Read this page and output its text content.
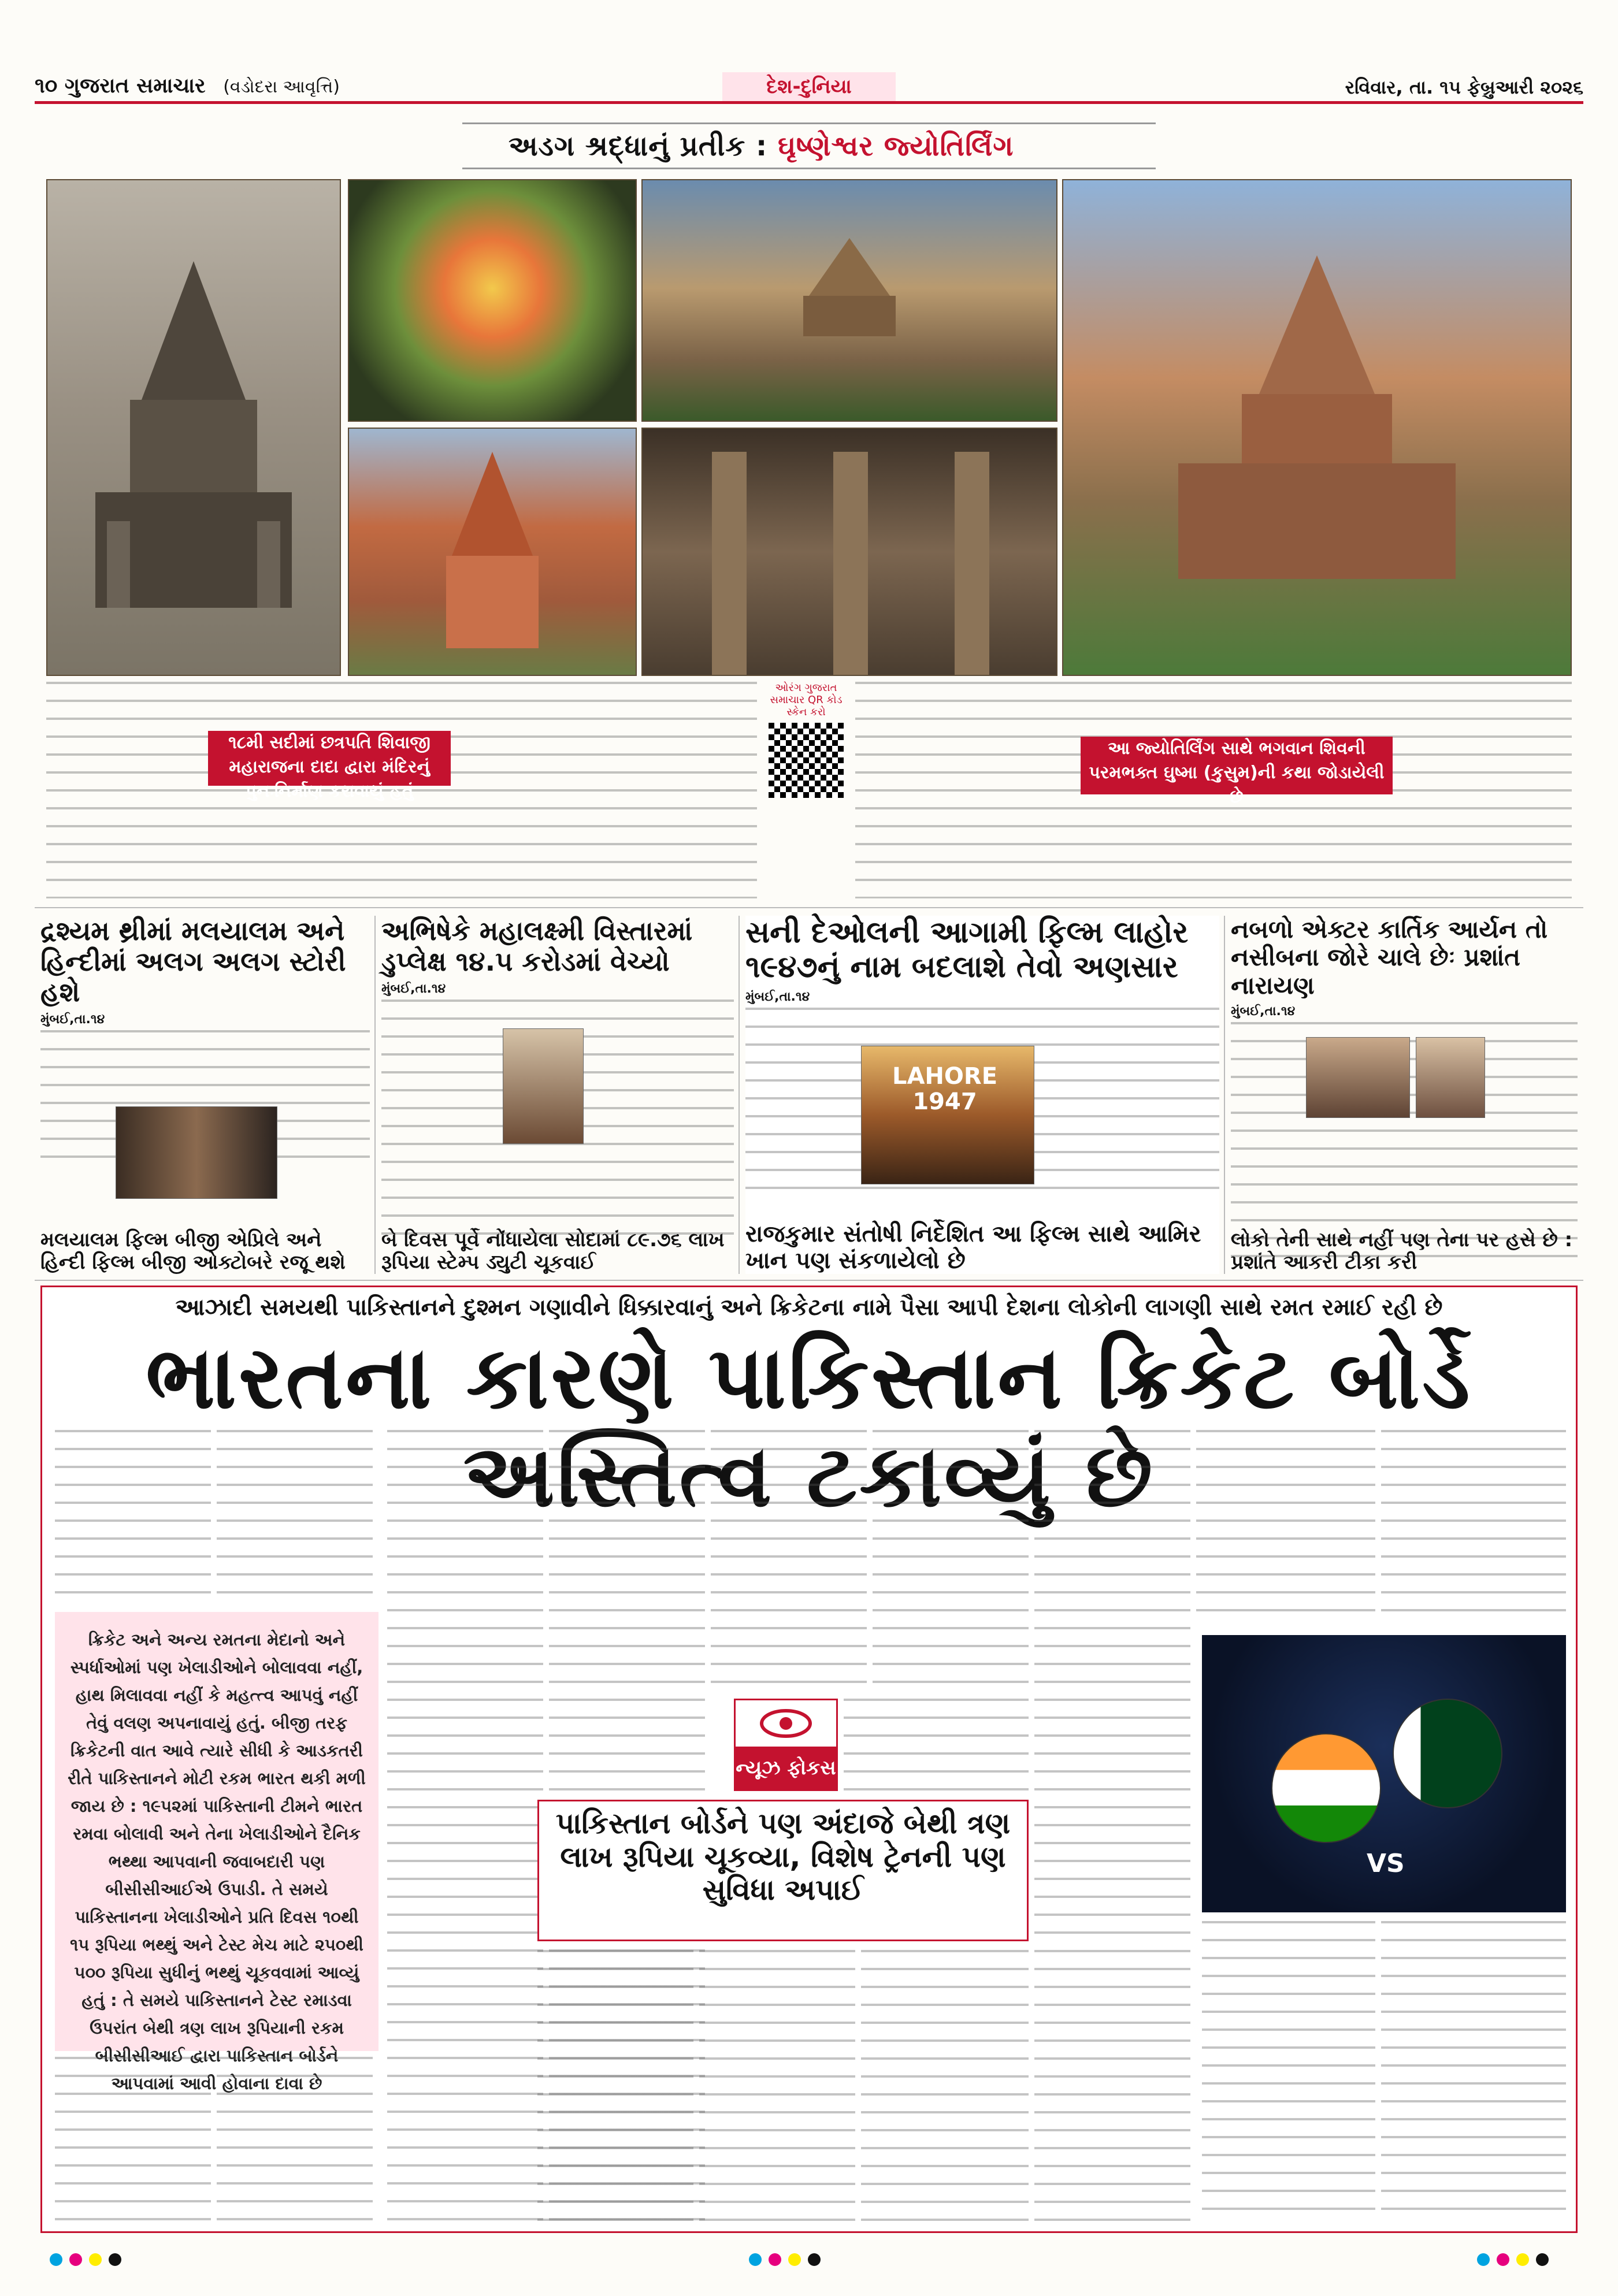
૧૦ ગુજરાત સમાચાર (વડોદરા આવૃત્તિ)	દેશ-દુનિયા	રવિવાર, તા. ૧૫ ફેબ્રુઆરી ૨૦૨૬
અડગ શ્રદ્ધાનું પ્રતીક : ઘૃષ્ણેશ્વર જ્યોતિર્લિંગ
૧૮મી સદીમાં છત્રપતિ શિવાજી મહારાજના દાદા દ્વારા મંદિરનું પુનઃનિર્માણ કરાવાયું હતું
ઓરંગ ગુજરાત સમાચાર QR કોડ સ્કેન કરો
આ જ્યોતિર્લિંગ સાથે ભગવાન શિવની પરમભક્ત ઘુષ્મા (કુસુમ)ની કથા જોડાયેલી છે
દ્રશ્યમ થ્રીમાં મલયાલમ અને હિન્દીમાં અલગ અલગ સ્ટોરી હશે
મુંબઈ,તા.૧૪
મલયાલમ ફિલ્મ બીજી એપ્રિલે અને હિન્દી ફિલ્મ બીજી ઓક્ટોબરે રજૂ થશે
અભિષેકે મહાલક્ષ્મી વિસ્તારમાં ડુપ્લેક્ષ ૧૪.૫ કરોડમાં વેચ્યો
મુંબઈ,તા.૧૪
બે દિવસ પૂર્વે નોંધાયેલા સોદામાં ૮૯.૭૬ લાખ રૂપિયા સ્ટેમ્પ ડ્યુટી ચૂકવાઈ
સની દેઓલની આગામી ફિલ્મ લાહોર ૧૯૪૭નું નામ બદલાશે તેવો અણસાર
મુંબઈ,તા.૧૪
LAHORE 1947
રાજકુમાર સંતોષી નિર્દેશિત આ ફિલ્મ સાથે આમિર ખાન પણ સંકળાયેલો છે
નબળો એક્ટર કાર્તિક આર્યન તો નસીબના જોરે ચાલે છેઃ પ્રશાંત નારાયણ
મુંબઈ,તા.૧૪
લોકો તેની સાથે નહીં પણ તેના પર હસે છે : પ્રશાંતે આકરી ટીકા કરી
આઝાદી સમયથી પાકિસ્તાનને દુશ્મન ગણાવીને ધિક્કારવાનું અને ક્રિકેટના નામે પૈસા આપી દેશના લોકોની લાગણી સાથે રમત રમાઈ રહી છે
ભારતના કારણે પાકિસ્તાન ક્રિકેટ બોર્ડે અસ્તિત્વ ટકાવ્યું છે
ક્રિકેટ અને અન્ય રમતના મેદાનો અને સ્પર્ધાઓમાં પણ ખેલાડીઓને બોલાવવા નહીં, હાથ મિલાવવા નહીં કે મહત્ત્વ આપવું નહીં તેવું વલણ અપનાવાયું હતું. બીજી તરફ ક્રિકેટની વાત આવે ત્યારે સીધી કે આડકતરી રીતે પાકિસ્તાનને મોટી રકમ ભારત થકી મળી જાય છે : ૧૯૫૨માં પાકિસ્તાની ટીમને ભારત રમવા બોલાવી અને તેના ખેલાડીઓને દૈનિક ભથ્થા આપવાની જવાબદારી પણ બીસીસીઆઈએ ઉપાડી. તે સમયે પાકિસ્તાનના ખેલાડીઓને પ્રતિ દિવસ ૧૦થી ૧૫ રૂપિયા ભથ્થું અને ટેસ્ટ મેચ માટે ૨૫૦થી ૫૦૦ રૂપિયા સુધીનું ભથ્થું ચૂકવવામાં આવ્યું હતું : તે સમયે પાકિસ્તાનને ટેસ્ટ રમાડવા ઉપરાંત બેથી ત્રણ લાખ રૂપિયાની રકમ બીસીસીઆઈ દ્વારા પાકિસ્તાન બોર્ડને આપવામાં આવી હોવાના દાવા છે
ન્યૂઝ ફોકસ
VS
પાકિસ્તાન બોર્ડને પણ અંદાજે બેથી ત્રણ લાખ રૂપિયા ચૂકવ્યા, વિશેષ ટ્રેનની પણ સુવિધા અપાઈ
